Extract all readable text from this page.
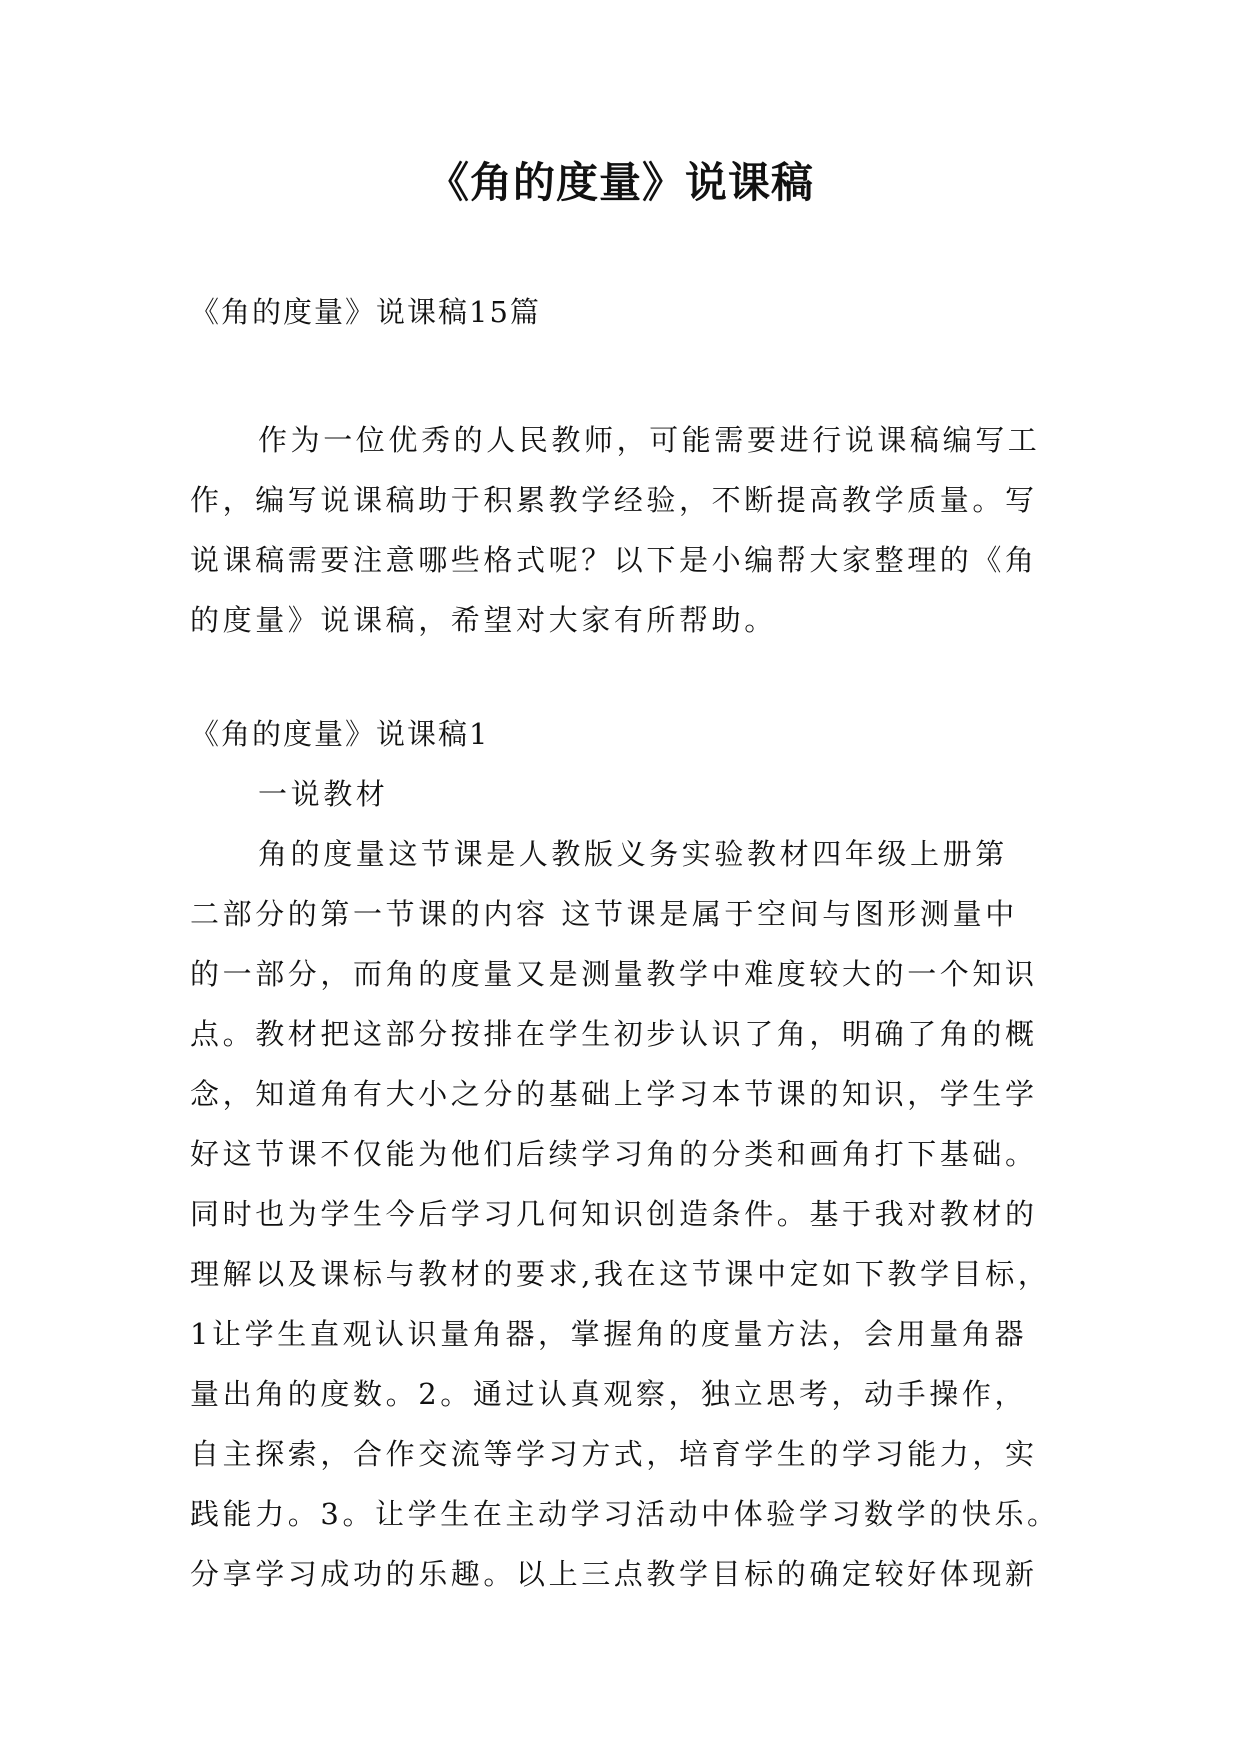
《角的度量》说课稿
《角的度量》说课稿15篇
作为一位优秀的人民教师，可能需要进行说课稿编写工
作，编写说课稿助于积累教学经验，不断提高教学质量。写
说课稿需要注意哪些格式呢？以下是小编帮大家整理的《角
的度量》说课稿，希望对大家有所帮助。
《角的度量》说课稿1
一说教材
角的度量这节课是人教版义务实验教材四年级上册第
二部分的第一节课的内容 这节课是属于空间与图形测量中
的一部分，而角的度量又是测量教学中难度较大的一个知识
点。教材把这部分按排在学生初步认识了角，明确了角的概
念，知道角有大小之分的基础上学习本节课的知识，学生学
好这节课不仅能为他们后续学习角的分类和画角打下基础。
同时也为学生今后学习几何知识创造条件。基于我对教材的
理解以及课标与教材的要求,我在这节课中定如下教学目标，
1让学生直观认识量角器，掌握角的度量方法，会用量角器
量出角的度数。2。通过认真观察，独立思考，动手操作，
自主探索，合作交流等学习方式，培育学生的学习能力，实
践能力。3。让学生在主动学习活动中体验学习数学的快乐。
分享学习成功的乐趣。以上三点教学目标的确定较好体现新
